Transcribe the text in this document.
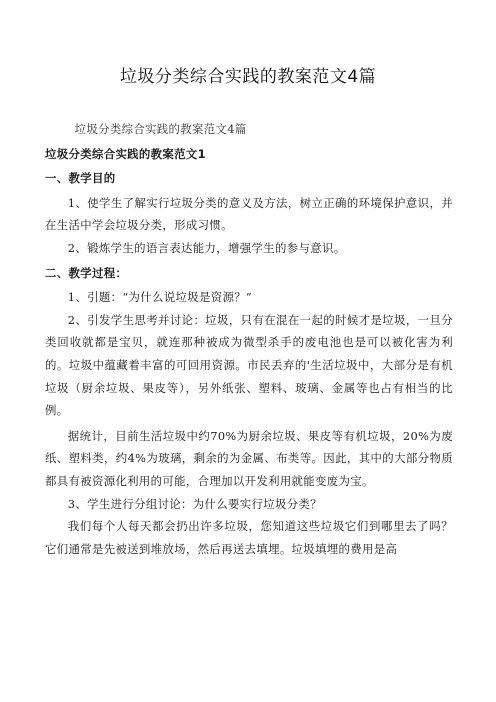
垃圾分类综合实践的教案范文4篇

垃圾分类综合实践的教案范文4篇

垃圾分类综合实践的教案范文1
一、教学目的

1、使学生了解实行垃圾分类的意义及方法，树立正确的环境保护意识，并在生活中学会垃圾分类，形成习惯。

2、锻炼学生的语言表达能力，增强学生的参与意识。

二、教学过程：

1、引题：“为什么说垃圾是资源？”

2、引发学生思考并讨论：垃圾，只有在混在一起的时候才是垃圾，一旦分类回收就都是宝贝，就连那种被成为微型杀手的废电池也是可以被化害为利的。垃圾中蕴藏着丰富的可回用资源。市民丢弃的'生活垃圾中，大部分是有机垃圾（厨余垃圾、果皮等），另外纸张、塑料、玻璃、金属等也占有相当的比例。

据统计，目前生活垃圾中约70%为厨余垃圾、果皮等有机垃圾，20%为废纸、塑料类，约4%为玻璃，剩余的为金属、布类等。因此，其中的大部分物质都具有被资源化利用的可能，合理加以开发利用就能变废为宝。

3、学生进行分组讨论：为什么要实行垃圾分类？

我们每个人每天都会扔出许多垃圾，您知道这些垃圾它们到哪里去了吗？它们通常是先被送到堆放场，然后再送去填埋。垃圾填埋的费用是高
